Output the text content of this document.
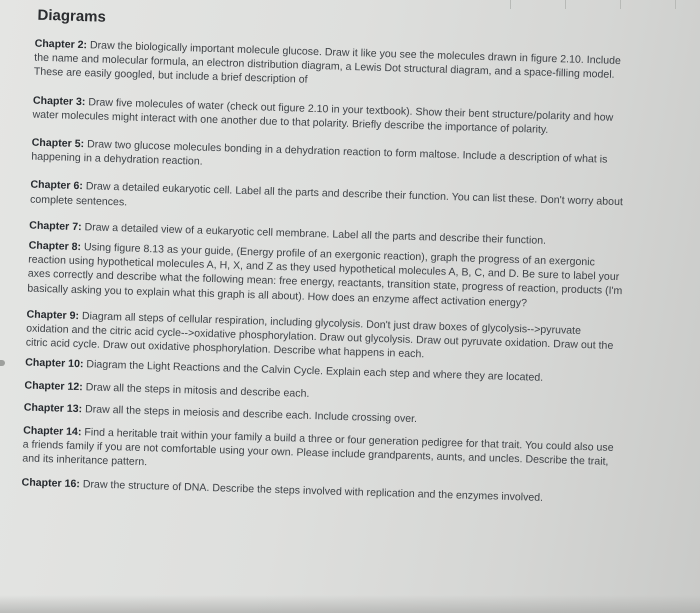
Diagrams
Chapter 2: Draw the biologically important molecule glucose. Draw it like you see the molecules drawn in figure 2.10. Include the name and molecular formula, an electron distribution diagram, a Lewis Dot structural diagram, and a space-filling model. These are easily googled, but include a brief description of
Chapter 3: Draw five molecules of water (check out figure 2.10 in your textbook). Show their bent structure/polarity and how water molecules might interact with one another due to that polarity. Briefly describe the importance of polarity.
Chapter 5: Draw two glucose molecules bonding in a dehydration reaction to form maltose. Include a description of what is happening in a dehydration reaction.
Chapter 6: Draw a detailed eukaryotic cell. Label all the parts and describe their function. You can list these. Don't worry about complete sentences.
Chapter 7: Draw a detailed view of a eukaryotic cell membrane. Label all the parts and describe their function.
Chapter 8: Using figure 8.13 as your guide, (Energy profile of an exergonic reaction), graph the progress of an exergonic reaction using hypothetical molecules A, H, X, and Z as they used hypothetical molecules A, B, C, and D. Be sure to label your axes correctly and describe what the following mean: free energy, reactants, transition state, progress of reaction, products (I'm basically asking you to explain what this graph is all about). How does an enzyme affect activation energy?
Chapter 9: Diagram all steps of cellular respiration, including glycolysis. Don't just draw boxes of glycolysis-->pyruvate oxidation and the citric acid cycle-->oxidative phosphorylation. Draw out glycolysis. Draw out pyruvate oxidation. Draw out the citric acid cycle. Draw out oxidative phosphorylation. Describe what happens in each.
Chapter 10: Diagram the Light Reactions and the Calvin Cycle. Explain each step and where they are located.
Chapter 12: Draw all the steps in mitosis and describe each.
Chapter 13: Draw all the steps in meiosis and describe each. Include crossing over.
Chapter 14: Find a heritable trait within your family a build a three or four generation pedigree for that trait. You could also use a friends family if you are not comfortable using your own. Please include grandparents, aunts, and uncles. Describe the trait, and its inheritance pattern.
Chapter 16: Draw the structure of DNA. Describe the steps involved with replication and the enzymes involved.
